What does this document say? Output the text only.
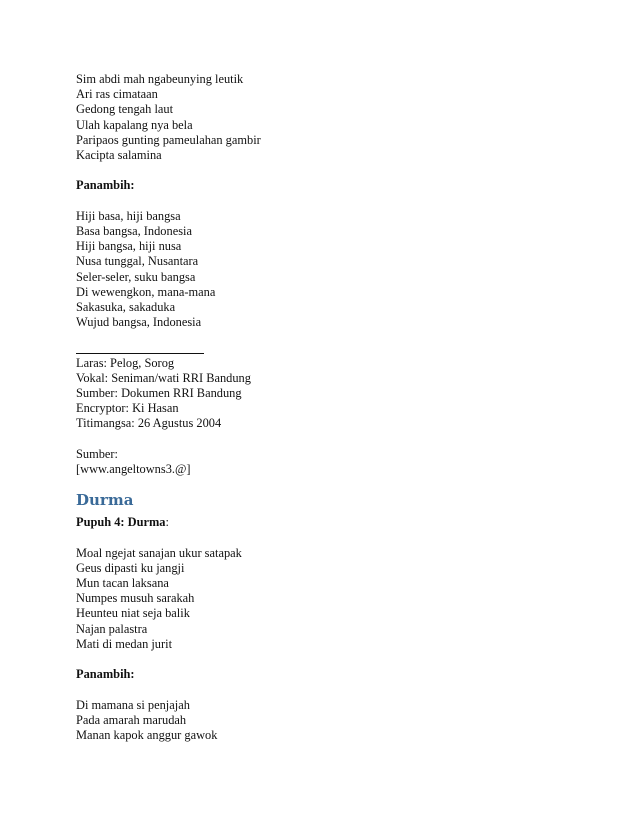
Sim abdi mah ngabeunying leutik
Ari ras cimataan
Gedong tengah laut
Ulah kapalang nya bela
Paripaos gunting pameulahan gambir
Kacipta salamina
Panambih:
Hiji basa, hiji bangsa
Basa bangsa, Indonesia
Hiji bangsa, hiji nusa
Nusa tunggal, Nusantara
Seler-seler, suku bangsa
Di wewengkon, mana-mana
Sakasuka, sakaduka
Wujud bangsa, Indonesia
Laras: Pelog, Sorog
Vokal: Seniman/wati RRI Bandung
Sumber: Dokumen RRI Bandung
Encryptor: Ki Hasan
Titimangsa: 26 Agustus 2004
Sumber:
[www.angeltowns3.@]
Durma
Pupuh 4: Durma:
Moal ngejat sanajan ukur satapak
Geus dipasti ku jangji
Mun tacan laksana
Numpes musuh sarakah
Heunteu niat seja balik
Najan palastra
Mati di medan jurit
Panambih:
Di mamana si penjajah
Pada amarah marudah
Manan kapok anggur gawok
